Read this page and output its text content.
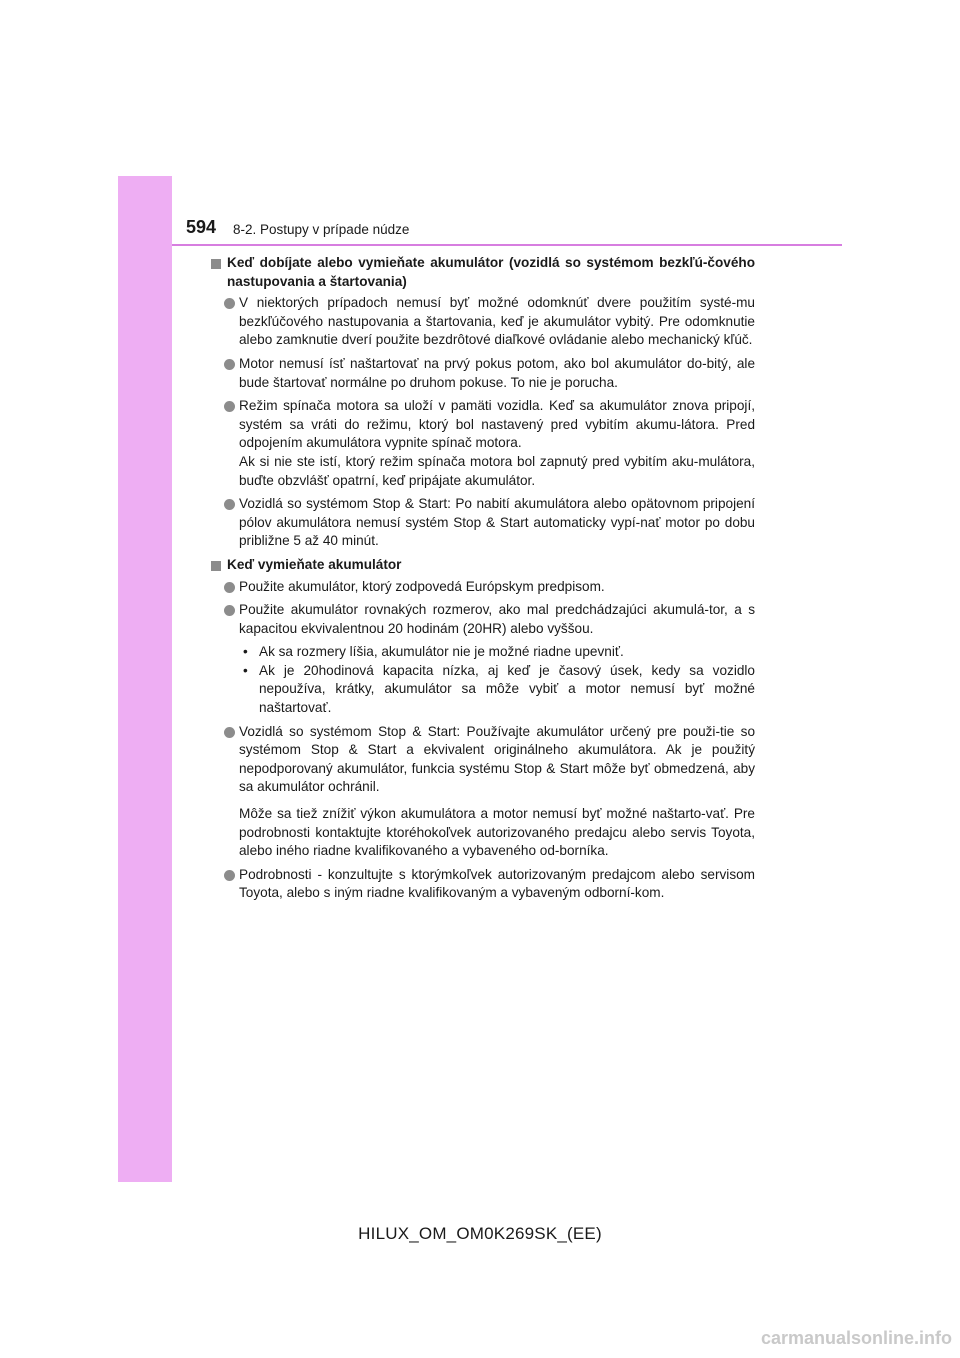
594 8-2. Postupy v prípade núdze
Keď dobíjate alebo vymieňate akumulátor (vozidlá so systémom bezkľú-čového nastupovania a štartovania)
V niektorých prípadoch nemusí byť možné odomknúť dvere použitím systé-mu bezkľúčového nastupovania a štartovania, keď je akumulátor vybitý. Pre odomknutie alebo zamknutie dverí použite bezdrôtové diaľkové ovládanie alebo mechanický kľúč.
Motor nemusí ísť naštartovať na prvý pokus potom, ako bol akumulátor do-bitý, ale bude štartovať normálne po druhom pokuse. To nie je porucha.
Režim spínača motora sa uloží v pamäti vozidla. Keď sa akumulátor znova pripojí, systém sa vráti do režimu, ktorý bol nastavený pred vybitím akumu-látora. Pred odpojením akumulátora vypnite spínač motora.
Ak si nie ste istí, ktorý režim spínača motora bol zapnutý pred vybitím aku-mulátora, buďte obzvlášť opatrní, keď pripájate akumulátor.
Vozidlá so systémom Stop & Start: Po nabití akumulátora alebo opätovnom pripojení pólov akumulátora nemusí systém Stop & Start automaticky vypí-nať motor po dobu približne 5 až 40 minút.
Keď vymieňate akumulátor
Použite akumulátor, ktorý zodpovedá Európskym predpisom.
Použite akumulátor rovnakých rozmerov, ako mal predchádzajúci akumulá-tor, a s kapacitou ekvivalentnou 20 hodinám (20HR) alebo vyššou.
• Ak sa rozmery líšia, akumulátor nie je možné riadne upevniť.
• Ak je 20hodinová kapacita nízka, aj keď je časový úsek, kedy sa vozidlo nepoužíva, krátky, akumulátor sa môže vybiť a motor nemusí byť možné naštartovať.
Vozidlá so systémom Stop & Start: Používajte akumulátor určený pre použi-tie so systémom Stop & Start a ekvivalent originálneho akumulátora. Ak je použitý nepodporovaný akumulátor, funkcia systému Stop & Start môže byť obmedzená, aby sa akumulátor ochránil.
Môže sa tiež znížiť výkon akumulátora a motor nemusí byť možné naštarto-vať. Pre podrobnosti kontaktujte ktoréhokoľvek autorizovaného predajcu alebo servis Toyota, alebo iného riadne kvalifikovaného a vybaveného od-borníka.
Podrobnosti - konzultujte s ktorýmkoľvek autorizovaným predajcom alebo servisom Toyota, alebo s iným riadne kvalifikovaným a vybaveným odborní-kom.
HILUX_OM_OM0K269SK_(EE)
carmanualsonline.info
